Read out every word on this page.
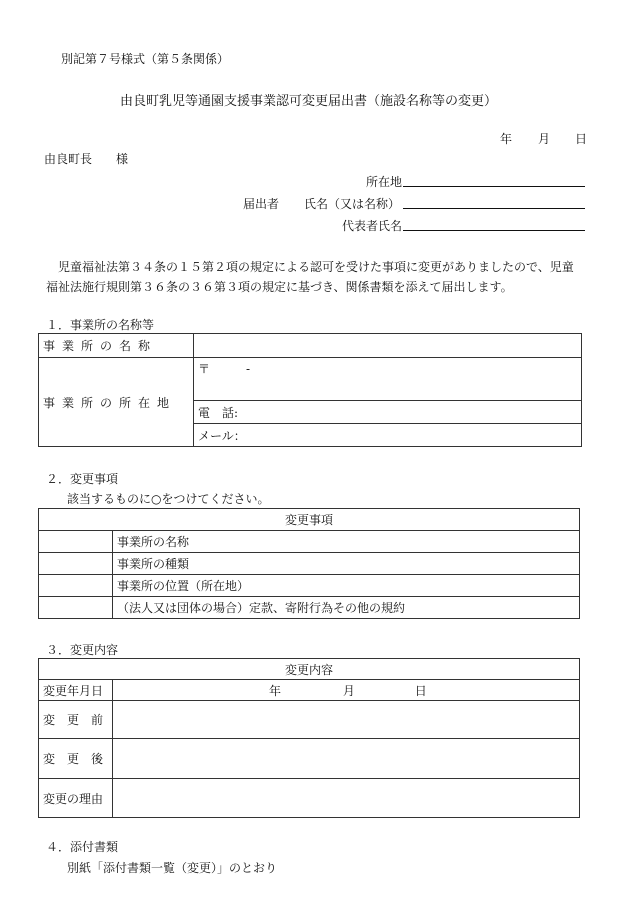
別記第７号様式（第５条関係）
由良町乳児等通園支援事業認可変更届出書（施設名称等の変更）
年 月 日
由良町長　　様
所在地
届出者 氏名（又は名称）
代表者氏名
児童福祉法第３４条の１５第２項の規定による認可を受けた事項に変更がありましたので、児童
福祉法施行規則第３６条の３６第３項の規定に基づき、関係書類を添えて届出します。
１．事業所の名称等
事業所の名称	
事業所の所在地	〒 -
	電　話:
	メール：
２．変更事項
該当するものに○をつけてください。
変更事項	
	事業所の名称
	事業所の種類
	事業所の位置（所在地）
	（法人又は団体の場合）定款、寄附行為その他の規約
３．変更内容
変更内容	
変更年月日	年 月 日
変　更　前	
変　更　後	
変更の理由	
４．添付書類
別紙「添付書類一覧（変更）」のとおり
